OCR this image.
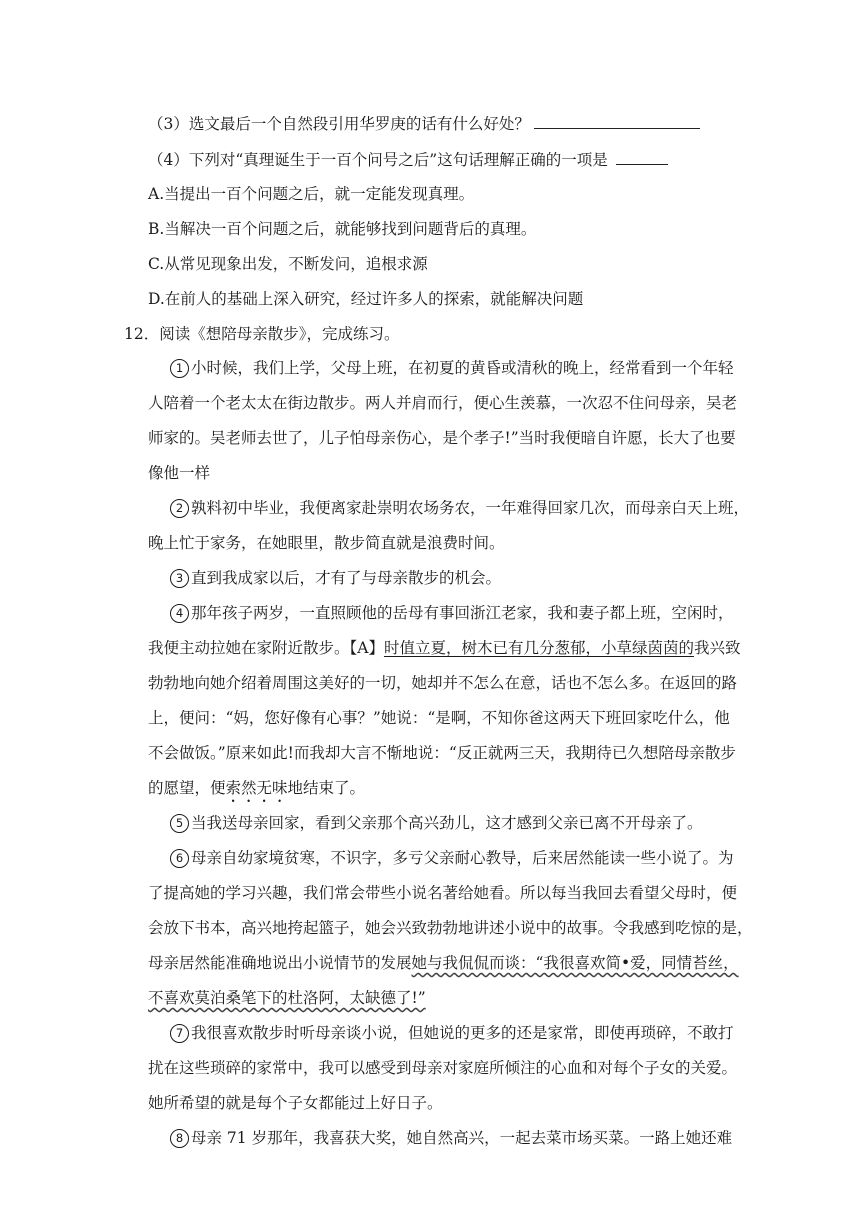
（3）选文最后一个自然段引用华罗庚的话有什么好处？
（4）下列对“真理诞生于一百个问号之后”这句话理解正确的一项是
A.当提出一百个问题之后，就一定能发现真理。
B.当解决一百个问题之后，就能够找到问题背后的真理。
C.从常见现象出发，不断发问，追根求源
D.在前人的基础上深入研究，经过许多人的探索，就能解决问题
12．阅读《想陪母亲散步》，完成练习。
1 小时候，我们上学，父母上班，在初夏的黄昏或清秋的晚上，经常看到一个年轻
人陪着一个老太太在街边散步。两人并肩而行，便心生羡慕，一次忍不住问母亲，吴老
师家的。吴老师去世了，儿子怕母亲伤心，是个孝子!”当时我便暗自许愿，长大了也要
像他一样
2 孰料初中毕业，我便离家赴崇明农场务农，一年难得回家几次，而母亲白天上班，
晚上忙于家务，在她眼里，散步简直就是浪费时间。
3 直到我成家以后，才有了与母亲散步的机会。
4 那年孩子两岁，一直照顾他的岳母有事回浙江老家，我和妻子都上班，空闲时，
我便主动拉她在家附近散步。【A】时值立夏，树木已有几分葱郁，小草绿茵茵的我兴致
勃勃地向她介绍着周围这美好的一切，她却并不怎么在意，话也不怎么多。在返回的路
上，便问：“妈，您好像有心事？”她说：“是啊，不知你爸这两天下班回家吃什么，他
不会做饭。”原来如此!而我却大言不惭地说：“反正就两三天，我期待已久想陪母亲散步
的愿望，便索然无味地结束了。
5 当我送母亲回家，看到父亲那个高兴劲儿，这才感到父亲已离不开母亲了。
6 母亲自幼家境贫寒，不识字，多亏父亲耐心教导，后来居然能读一些小说了。为
了提高她的学习兴趣，我们常会带些小说名著给她看。所以每当我回去看望父母时，便
会放下书本，高兴地挎起篮子，她会兴致勃勃地讲述小说中的故事。令我感到吃惊的是，
母亲居然能准确地说出小说情节的发展她与我侃侃而谈：“我很喜欢简•爱，同情苔丝，
不喜欢莫泊桑笔下的杜洛阿，太缺德了!”
7 我很喜欢散步时听母亲谈小说，但她说的更多的还是家常，即使再琐碎，不敢打
扰在这些琐碎的家常中，我可以感受到母亲对家庭所倾注的心血和对每个子女的关爱。
她所希望的就是每个子女都能过上好日子。
8 母亲 71 岁那年，我喜获大奖，她自然高兴，一起去菜市场买菜。一路上她还难
